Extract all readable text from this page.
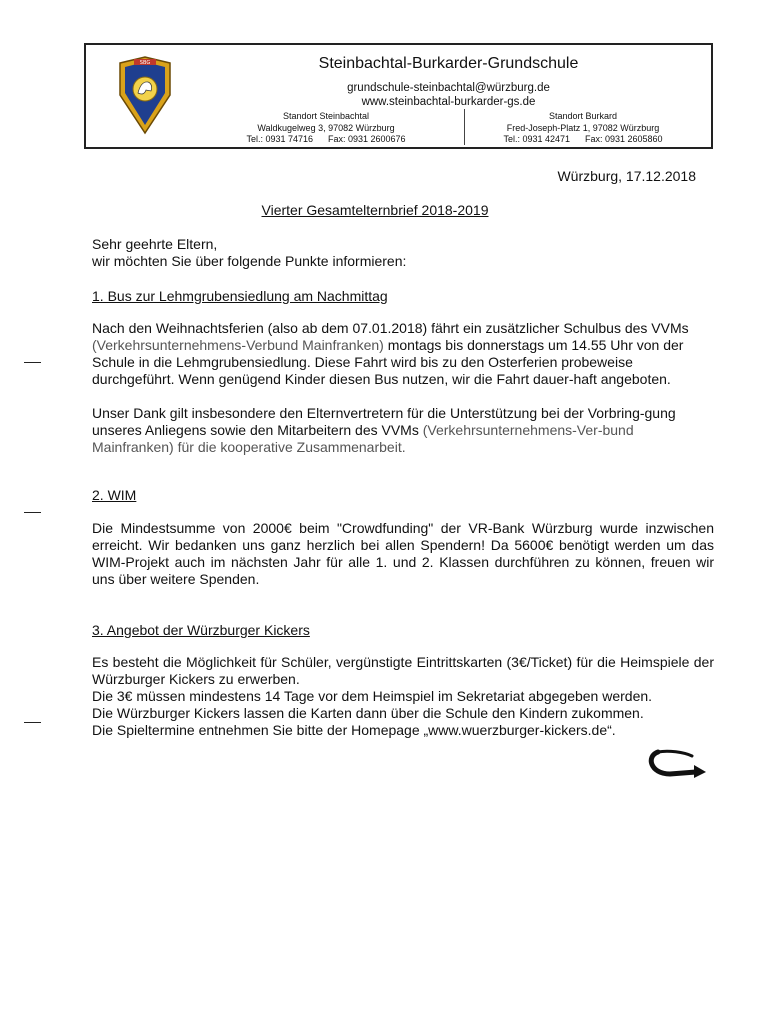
SBG	Steinbachtal-Burkarder-Grundschule
grundschule-steinbachtal@würzburg.de
www.steinbachtal-burkarder-gs.de
Standort Steinbachtal
Waldkugelweg 3, 97082 Würzburg
Tel.: 0931 74716      Fax: 0931 2600676
Standort Burkard
Fred-Joseph-Platz 1, 97082 Würzburg
Tel.: 0931 42471      Fax: 0931 2605860
Würzburg, 17.12.2018
Vierter Gesamtelternbrief 2018-2019
Sehr geehrte Eltern,
wir möchten Sie über folgende Punkte informieren:
1. Bus zur Lehmgrubensiedlung am Nachmittag
Nach den Weihnachtsferien (also ab dem 07.01.2018) fährt ein zusätzlicher Schulbus des VVMs (Verkehrsunternehmens-Verbund Mainfranken) montags bis donnerstags um 14.55 Uhr von der Schule in die Lehmgrubensiedlung. Diese Fahrt wird bis zu den Osterferien probeweise durchgeführt. Wenn genügend Kinder diesen Bus nutzen, wir die Fahrt dauer-haft angeboten.
Unser Dank gilt insbesondere den Elternvertretern für die Unterstützung bei der Vorbring-gung unseres Anliegens sowie den Mitarbeitern des VVMs (Verkehrsunternehmens-Ver-bund Mainfranken) für die kooperative Zusammenarbeit.
2. WIM
Die Mindestsumme von 2000€ beim "Crowdfunding" der VR-Bank Würzburg wurde inzwischen erreicht. Wir bedanken uns ganz herzlich bei allen Spendern! Da 5600€ benötigt werden um das WIM-Projekt auch im nächsten Jahr für alle 1. und 2. Klassen durchführen zu können, freuen wir uns über weitere Spenden.
3. Angebot der Würzburger Kickers
Es besteht die Möglichkeit für Schüler, vergünstigte Eintrittskarten (3€/Ticket) für die Heimspiele der Würzburger Kickers zu erwerben.
Die 3€ müssen mindestens 14 Tage vor dem Heimspiel im Sekretariat abgegeben werden.
Die Würzburger Kickers lassen die Karten dann über die Schule den Kindern zukommen.
Die Spieltermine entnehmen Sie bitte der Homepage „www.wuerzburger-kickers.de“.
